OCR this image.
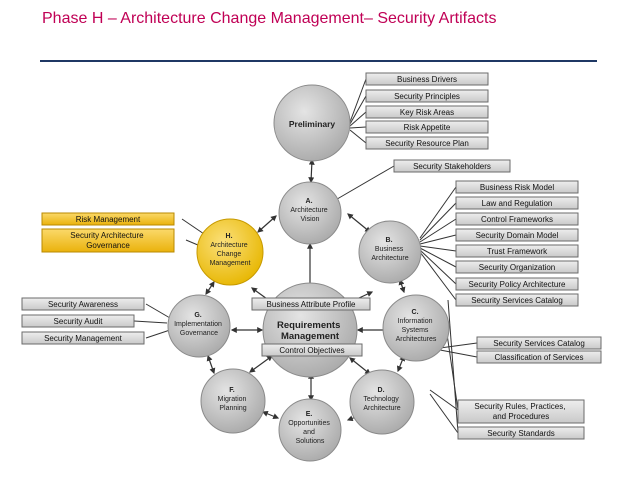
Phase H – Architecture Change Management– Security Artifacts
Preliminary
A. Architecture Vision
B. Business Architecture
C. Information Systems Architectures
D. Technology Architecture
E. Opportunities and Solutions
F. Migration Planning
G. Implementation Governance
H. Architecture Change Management
Requirements Management
Business Drivers
Security Principles
Key Risk Areas
Risk Appetite
Security Resource Plan
Security Stakeholders
Business Risk Model
Law and Regulation
Control Frameworks
Security Domain Model
Trust Framework
Security Organization
Security Policy Architecture
Security Services Catalog
Risk Management
Security Architecture Governance
Security Awareness
Security Audit
Security Management
Business Attribute Profile
Control Objectives
Security Services Catalog
Classification of Services
Security Rules, Practices, and Procedures
Security Standards
